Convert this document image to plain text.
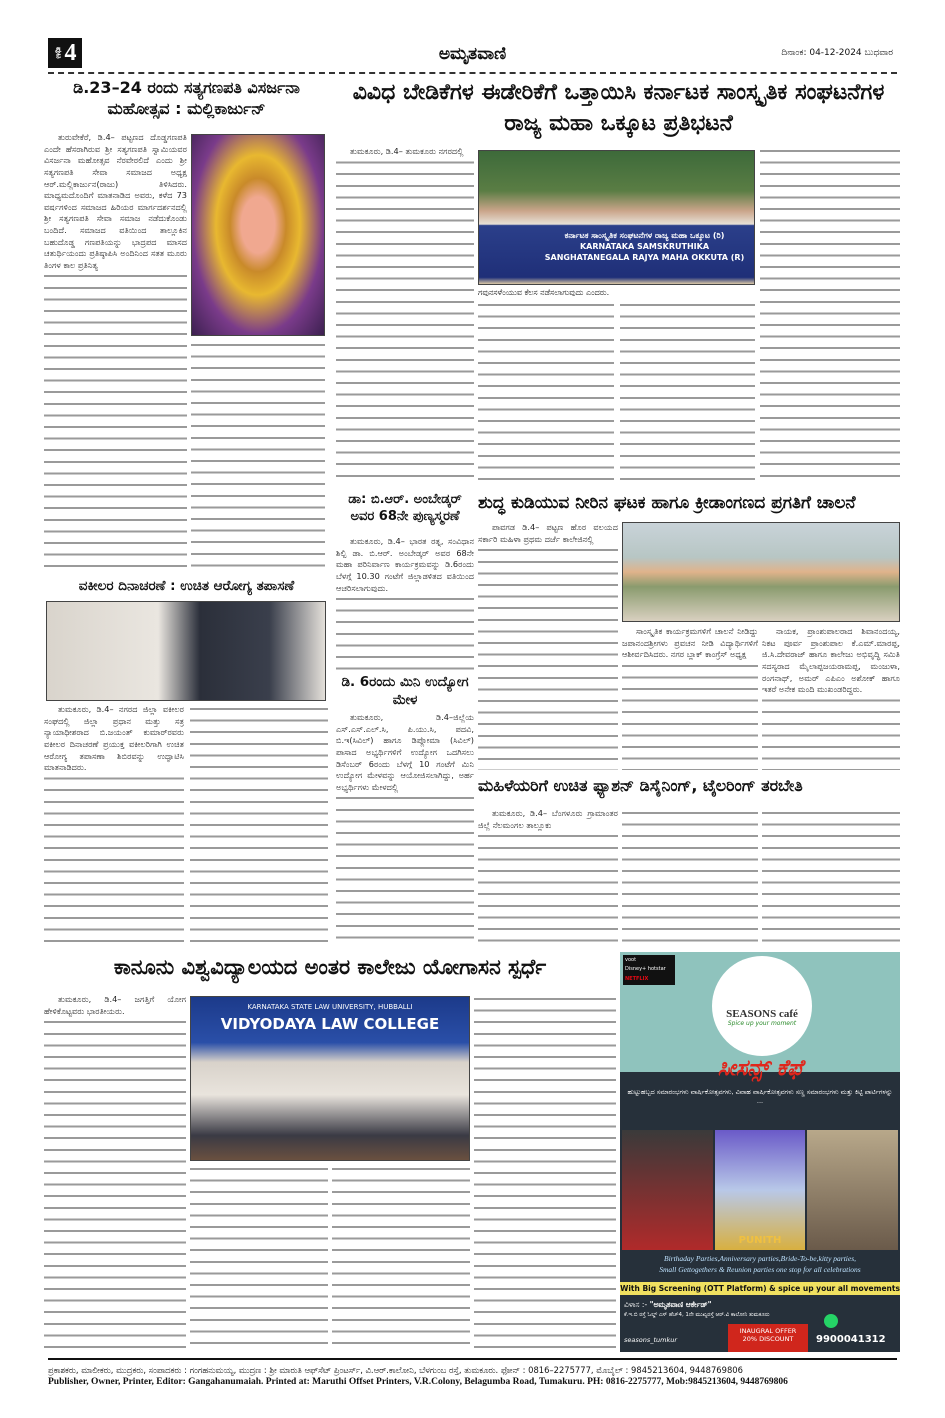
ಪುಟ 4	ಅಮೃತವಾಣಿ	ದಿನಾಂಕ: 04-12-2024 ಬುಧವಾರ
ಡಿ.23–24 ರಂದು ಸತ್ಯಗಣಪತಿ ವಿಸರ್ಜನಾ ಮಹೋತ್ಸವ : ಮಲ್ಲಿಕಾರ್ಜುನ್

ತುರುವೇಕೆರೆ, ಡಿ.4– ಪಟ್ಟಣದ ದೊಡ್ಡಗಣಪತಿ ಎಂದೇ ಹೆಸರಾಗಿರುವ ಶ್ರೀ ಸತ್ಯಗಣಪತಿ ಸ್ವಾಮಿಯವರ ವಿಸರ್ಜನಾ ಮಹೋತ್ಸವ ನೆರವೇರಲಿದೆ ಎಂದು ಶ್ರೀ ಸತ್ಯಗಣಪತಿ ಸೇವಾ ಸಮಾಜದ ಅಧ್ಯಕ್ಷ ಆರ್.ಮಲ್ಲಿಕಾರ್ಜುನ(ರಾಜು) ತಿಳಿಸಿದರು. ಮಾಧ್ಯಮದೊಂದಿಗೆ ಮಾತನಾಡಿದ ಅವರು, ಕಳೆದ 73 ವರ್ಷಗಳಿಂದ ಸಮಾಜದ ಹಿರಿಯರ ಮಾರ್ಗದರ್ಶನದಲ್ಲಿ ಶ್ರೀ ಸತ್ಯಗಣಪತಿ ಸೇವಾ ಸಮಾಜ ನಡೆದುಕೊಂಡು ಬಂದಿದೆ. ಸಮಾಜದ ವತಿಯಿಂದ ತಾಲ್ಲೂಕಿನ ಬಹುದೊಡ್ಡ ಗಣಪತಿಯನ್ನು ಭಾದ್ರಪದ ಮಾಸದ ಚತುರ್ಥಿಯಂದು ಪ್ರತಿಷ್ಠಾಪಿಸಿ ಅಂದಿನಿಂದ ಸತತ ಮೂರು ತಿಂಗಳ ಕಾಲ ಪ್ರತಿನಿತ್ಯ

ವಕೀಲರ ದಿನಾಚರಣೆ : ಉಚಿತ ಆರೋಗ್ಯ ತಪಾಸಣೆ

ತುಮಕೂರು, ಡಿ.4– ನಗರದ ಜಿಲ್ಲಾ ವಕೀಲರ ಸಂಘದಲ್ಲಿ ಜಿಲ್ಲಾ ಪ್ರಧಾನ ಮತ್ತು ಸತ್ರ ನ್ಯಾಯಾಧೀಶರಾದ ಬಿ.ಜಯಂತ್ ಕುಮಾರ್‌ರವರು ವಕೀಲರ ದಿನಾಚರಣೆ ಪ್ರಯುಕ್ತ ವಕೀಲರಿಗಾಗಿ ಉಚಿತ ಆರೋಗ್ಯ ತಪಾಸಣಾ ಶಿಬಿರವನ್ನು ಉದ್ಘಾಟಿಸಿ ಮಾತನಾಡಿದರು.

ವಿವಿಧ ಬೇಡಿಕೆಗಳ ಈಡೇರಿಕೆಗೆ ಒತ್ತಾಯಿಸಿ ಕರ್ನಾಟಕ ಸಾಂಸ್ಕೃತಿಕ ಸಂಘಟನೆಗಳ ರಾಜ್ಯ ಮಹಾ ಒಕ್ಕೂಟ ಪ್ರತಿಭಟನೆ

ತುಮಕೂರು, ಡಿ.4– ತುಮಕೂರು ನಗರದಲ್ಲಿ

ಕರ್ನಾಟಕ ಸಾಂಸ್ಕೃತಿಕ ಸಂಘಟನೆಗಳ ರಾಜ್ಯ ಮಹಾ ಒಕ್ಕೂಟ (ರಿ)
KARNATAKA SAMSKRUTHIKA
SANGHATANEGALA RAJYA MAHA OKKUTA (R)
ಗವುನಸಳೆಂಯುವ ಕೆಲಸ ನಡೆಸಲಾಗುವುದು ಎಂದರು.
ಡಾ: ಬಿ.ಆರ್. ಅಂಬೇಡ್ಕರ್ ಅವರ 68ನೇ ಪುಣ್ಯಸ್ಮರಣೆ

ತುಮಕೂರು, ಡಿ.4– ಭಾರತ ರತ್ನ, ಸಂವಿಧಾನ ಶಿಲ್ಪಿ ಡಾ. ಬಿ.ಆರ್. ಅಂಬೇಡ್ಕರ್ ಅವರ 68ನೇ ಮಹಾ ಪರಿನಿರ್ವಾಣ ಕಾರ್ಯಕ್ರಮವನ್ನು ಡಿ.6ರಂದು ಬೆಳಗ್ಗೆ 10.30 ಗಂಟೆಗೆ ಜಿಲ್ಲಾಡಳಿತದ ವತಿಯಿಂದ ಆಚರಿಸಲಾಗುವುದು.

ಡಿ. 6ರಂದು ಮಿನಿ ಉದ್ಯೋಗ ಮೇಳ

ತುಮಕೂರು, ಡಿ.4–ಜಿಲ್ಲೆಯ ಎಸ್.ಎಸ್.ಎಲ್.ಸಿ, ಪಿ.ಯು.ಸಿ, ಪದವಿ, ಬಿ.ಇ(ಸಿವಿಲ್) ಹಾಗೂ ಡಿಪ್ಲೋಮಾ (ಸಿವಿಲ್) ಪಾಸಾದ ಅಭ್ಯರ್ಥಿಗಳಿಗೆ ಉದ್ಯೋಗ ಒದಗಿಸಲು ಡಿಸೆಂಬರ್ 6ರಂದು ಬೆಳಗ್ಗೆ 10 ಗಂಟೆಗೆ ಮಿನಿ ಉದ್ಯೋಗ ಮೇಳವನ್ನು ಆಯೋಜಿಸಲಾಗಿದ್ದು, ಅರ್ಹ ಅಭ್ಯರ್ಥಿಗಳು ಮೇಳದಲ್ಲಿ

ಶುದ್ಧ ಕುಡಿಯುವ ನೀರಿನ ಘಟಕ ಹಾಗೂ ಕ್ರೀಡಾಂಗಣದ ಪ್ರಗತಿಗೆ ಚಾಲನೆ

ಪಾವಗಡ ಡಿ.4– ಪಟ್ಟಣ ಹೊರ ವಲಯದ ಸರ್ಕಾರಿ ಮಹಿಳಾ ಪ್ರಥಮ ದರ್ಜೆ ಕಾಲೇಜಿನಲ್ಲಿ

ಸಾಂಸ್ಕೃತಿಕ ಕಾರ್ಯಕ್ರಮಗಳಿಗೆ ಚಾಲನೆ ನೀಡಿದ್ದು ಜಪಾನಂದಶ್ರೀಗಳು ಪ್ರವಚನ ನೀಡಿ ವಿದ್ಯಾರ್ಥಿಗಳಿಗೆ ಆಶೀರ್ವದಿಸಿದರು. ನಗರ ಬ್ಲಾಕ್ ಕಾಂಗ್ರೆಸ್ ಅಧ್ಯಕ್ಷ

ನಾಯಕ, ಪ್ರಾಂಶುಪಾಲರಾದ ಶಿವಾನಂದಯ್ಯ, ನಿಕಟ ಪೂರ್ವ ಪ್ರಾಂಶುಪಾಲ ಕೆ.ಎಮ್.ಮಾರಪ್ಪ, ಜಿ.ಸಿ.ದೇವರಾಜ್ ಹಾಗೂ ಕಾಲೇಜು ಅಭಿವೃದ್ಧಿ ಸಮಿತಿ ಸದಸ್ಯರಾದ ಮೈಲಾಪ್ಪಜಯರಾಮಪ್ಪ, ಮಂಜುಳಾ, ರಂಗನಾಥ್, ಅಮರ್ ಎಪಿಎಂ ಅಶೋಕ್ ಹಾಗೂ ಇತರೆ ಅನೇಕ ಮಂದಿ ಮುಖಂಡರಿದ್ದರು.

ಮಹಿಳೆಯರಿಗೆ ಉಚಿತ ಫ್ಯಾಶನ್ ಡಿಸೈನಿಂಗ್, ಟೈಲರಿಂಗ್ ತರಬೇತಿ

ತುಮಕೂರು, ಡಿ.4– ಬೆಂಗಳೂರು ಗ್ರಾಮಾಂತರ ಜಿಲ್ಲೆ ನೆಲಮಂಗಲ ತಾಲ್ಲೂಕು

ಕಾನೂನು ವಿಶ್ವವಿದ್ಯಾಲಯದ ಅಂತರ ಕಾಲೇಜು ಯೋಗಾಸನ ಸ್ಪರ್ಧೆ

ತುಮಕೂರು, ಡಿ.4– ಜಗತ್ತಿಗೆ ಯೋಗ ಹೇಳಿಕೊಟ್ಟವರು ಭಾರತೀಯರು.	KARNATAKA STATE LAW UNIVERSITY, HUBBALLI
VIDYODAYA LAW COLLEGE
voot
Disney+ hotstar
NETFLIX
SEASONS café
Spice up your moment
ಸೀಸನ್ಸ್ ಕೆಫೆ
ಹುಟ್ಟುಹಬ್ಬದ ಸಮಾರಂಭಗಳು ವಾರ್ಷಿಕೋತ್ಸವಗಳು, ವಿವಾಹ ವಾರ್ಷಿಕೋತ್ಸವಗಳು ಸಣ್ಣ ಸಮಾರಂಭಗಳು ಮತ್ತು ಕಿಟ್ಟಿ ಪಾರ್ಟಿಗಳನ್ನು ...
PUNITH
Birthaday Parties,Anniversary parties,Bride-To-be,kitty parties,
Small Gettogethers & Reunion parties one stop for all celebrations
With Big Screening (OTT Platform) & spice up your all movements
ವಿಳಾಸ :- "ಅಮೃತವಾಣಿ ಆರ್ಕೇಡ್"
ಕೆ.ಇ.ಬಿ ರಸ್ತೆ ಓಲ್ಡ್ ಎಸ್ ಹೆಚ್4, 1ನೇ ಮುಖ್ಯರಸ್ತೆ ಆರ್.ವಿ ಕಾಲೋನಿ ತುಮಕೂರು
seasons_tumkur
INAUGRAL OFFER
20% DISCOUNT	9900041312
ಪ್ರಕಾಶಕರು, ಮಾಲೀಕರು, ಮುದ್ರಕರು, ಸಂಪಾದಕರು : ಗಂಗಹನುಮಯ್ಯ, ಮುದ್ರಣ : ಶ್ರೀ ಮಾರುತಿ ಆಫ್‌ಸೆಟ್ ಪ್ರಿಂಟರ್ಸ್, ವಿ.ಆರ್.ಕಾಲೋನಿ, ಬೆಳಗುಂಬ ರಸ್ತೆ, ತುಮಕೂರು. ಫೋನ್ : 0816–2275777, ಮೊಬೈಲ್ : 9845213604, 9448769806
Publisher, Owner, Printer, Editor: Gangahanumaiah. Printed at: Maruthi Offset Printers, V.R.Colony, Belagumba Road, Tumakuru. PH: 0816-2275777, Mob:9845213604, 9448769806
